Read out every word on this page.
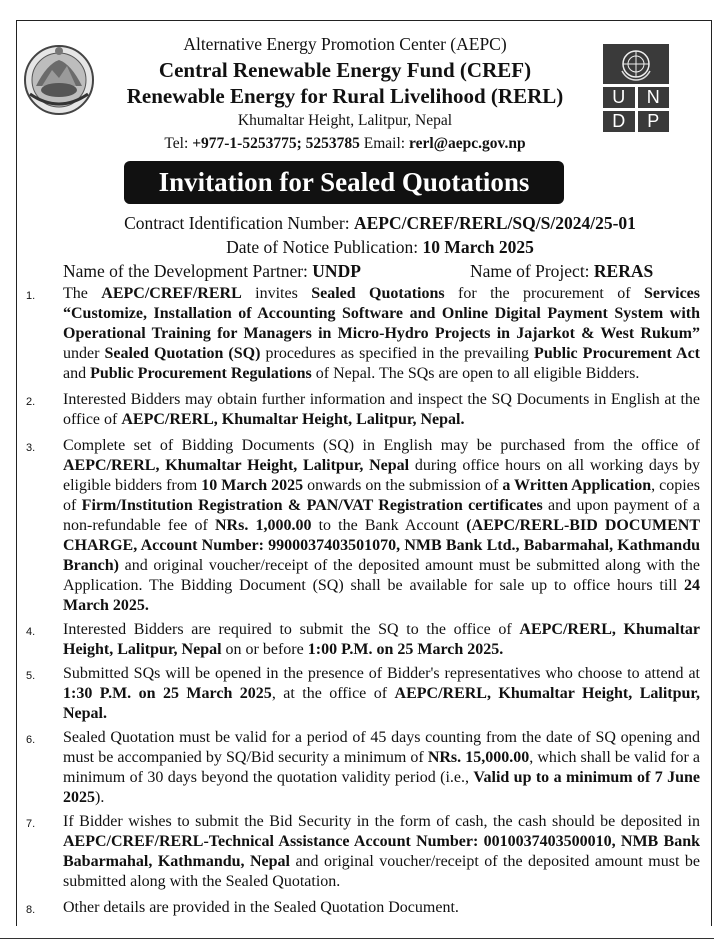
U	N
D	P
Alternative Energy Promotion Center (AEPC)
Central Renewable Energy Fund (CREF)
Renewable Energy for Rural Livelihood (RERL)
Khumaltar Height, Lalitpur, Nepal
Tel: +977-1-5253775; 5253785 Email: rerl@aepc.gov.np
Invitation for Sealed Quotations
Contract Identification Number: AEPC/CREF/RERL/SQ/S/2024/25-01
Date of Notice Publication: 10 March 2025
Name of the Development Partner: UNDP	Name of Project: RERAS
1. The AEPC/CREF/RERL invites Sealed Quotations for the procurement of Services “Customize, Installation of Accounting Software and Online Digital Payment System with Operational Training for Managers in Micro-Hydro Projects in Jajarkot & West Rukum” under Sealed Quotation (SQ) procedures as specified in the prevailing Public Procurement Act and Public Procurement Regulations of Nepal. The SQs are open to all eligible Bidders.
2. Interested Bidders may obtain further information and inspect the SQ Documents in English at the office of AEPC/RERL, Khumaltar Height, Lalitpur, Nepal.
3. Complete set of Bidding Documents (SQ) in English may be purchased from the office of AEPC/RERL, Khumaltar Height, Lalitpur, Nepal during office hours on all working days by eligible bidders from 10 March 2025 onwards on the submission of a Written Application, copies of Firm/Institution Registration & PAN/VAT Registration certificates and upon payment of a non-refundable fee of NRs. 1,000.00 to the Bank Account (AEPC/RERL-BID DOCUMENT CHARGE, Account Number: 9900037403501070, NMB Bank Ltd., Babarmahal, Kathmandu Branch) and original voucher/receipt of the deposited amount must be submitted along with the Application. The Bidding Document (SQ) shall be available for sale up to office hours till 24 March 2025.
4. Interested Bidders are required to submit the SQ to the office of AEPC/RERL, Khumaltar Height, Lalitpur, Nepal on or before 1:00 P.M. on 25 March 2025.
5. Submitted SQs will be opened in the presence of Bidder's representatives who choose to attend at 1:30 P.M. on 25 March 2025, at the office of AEPC/RERL, Khumaltar Height, Lalitpur, Nepal.
6. Sealed Quotation must be valid for a period of 45 days counting from the date of SQ opening and must be accompanied by SQ/Bid security a minimum of NRs. 15,000.00, which shall be valid for a minimum of 30 days beyond the quotation validity period (i.e., Valid up to a minimum of 7 June 2025).
7. If Bidder wishes to submit the Bid Security in the form of cash, the cash should be deposited in AEPC/CREF/RERL-Technical Assistance Account Number: 0010037403500010, NMB Bank Babarmahal, Kathmandu, Nepal and original voucher/receipt of the deposited amount must be submitted along with the Sealed Quotation.
8. Other details are provided in the Sealed Quotation Document.
